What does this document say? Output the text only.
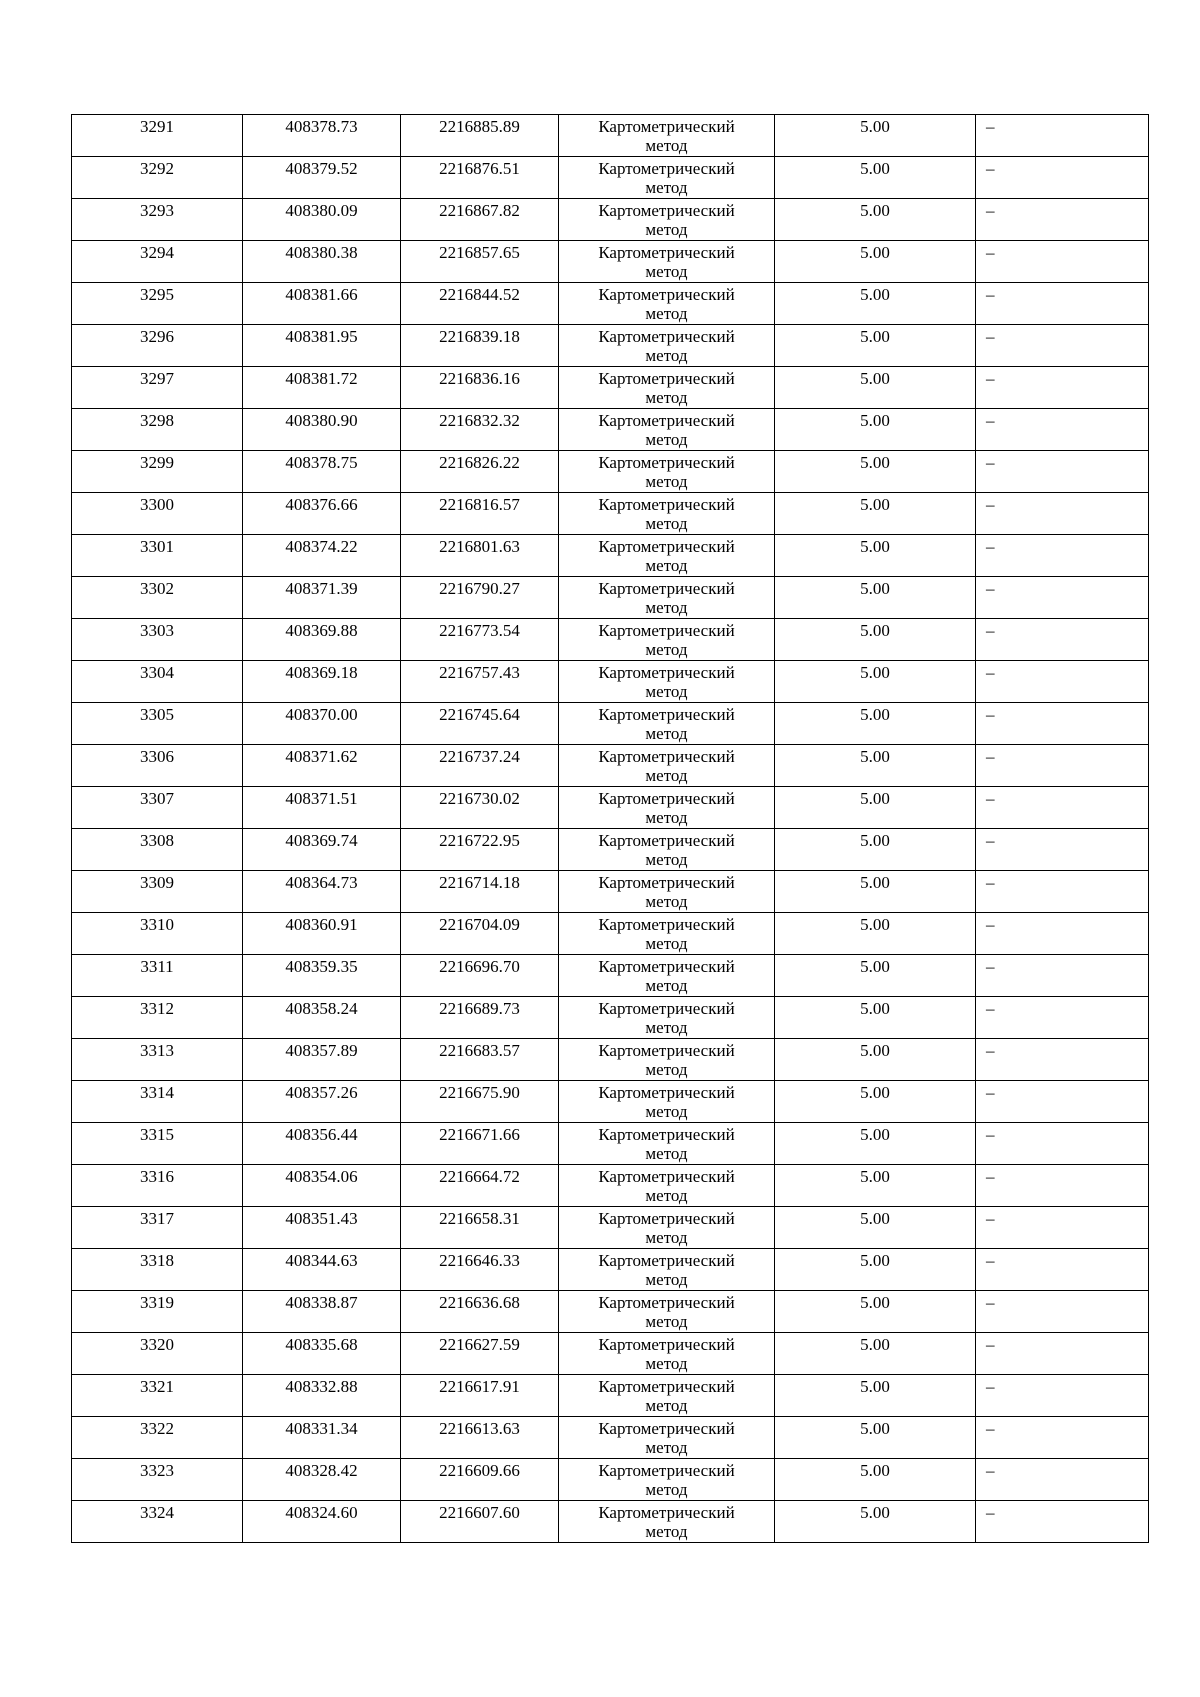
3291	408378.73	2216885.89	Картометрический
метод	5.00	–
3292	408379.52	2216876.51	Картометрический
метод	5.00	–
3293	408380.09	2216867.82	Картометрический
метод	5.00	–
3294	408380.38	2216857.65	Картометрический
метод	5.00	–
3295	408381.66	2216844.52	Картометрический
метод	5.00	–
3296	408381.95	2216839.18	Картометрический
метод	5.00	–
3297	408381.72	2216836.16	Картометрический
метод	5.00	–
3298	408380.90	2216832.32	Картометрический
метод	5.00	–
3299	408378.75	2216826.22	Картометрический
метод	5.00	–
3300	408376.66	2216816.57	Картометрический
метод	5.00	–
3301	408374.22	2216801.63	Картометрический
метод	5.00	–
3302	408371.39	2216790.27	Картометрический
метод	5.00	–
3303	408369.88	2216773.54	Картометрический
метод	5.00	–
3304	408369.18	2216757.43	Картометрический
метод	5.00	–
3305	408370.00	2216745.64	Картометрический
метод	5.00	–
3306	408371.62	2216737.24	Картометрический
метод	5.00	–
3307	408371.51	2216730.02	Картометрический
метод	5.00	–
3308	408369.74	2216722.95	Картометрический
метод	5.00	–
3309	408364.73	2216714.18	Картометрический
метод	5.00	–
3310	408360.91	2216704.09	Картометрический
метод	5.00	–
3311	408359.35	2216696.70	Картометрический
метод	5.00	–
3312	408358.24	2216689.73	Картометрический
метод	5.00	–
3313	408357.89	2216683.57	Картометрический
метод	5.00	–
3314	408357.26	2216675.90	Картометрический
метод	5.00	–
3315	408356.44	2216671.66	Картометрический
метод	5.00	–
3316	408354.06	2216664.72	Картометрический
метод	5.00	–
3317	408351.43	2216658.31	Картометрический
метод	5.00	–
3318	408344.63	2216646.33	Картометрический
метод	5.00	–
3319	408338.87	2216636.68	Картометрический
метод	5.00	–
3320	408335.68	2216627.59	Картометрический
метод	5.00	–
3321	408332.88	2216617.91	Картометрический
метод	5.00	–
3322	408331.34	2216613.63	Картометрический
метод	5.00	–
3323	408328.42	2216609.66	Картометрический
метод	5.00	–
3324	408324.60	2216607.60	Картометрический
метод	5.00	–
